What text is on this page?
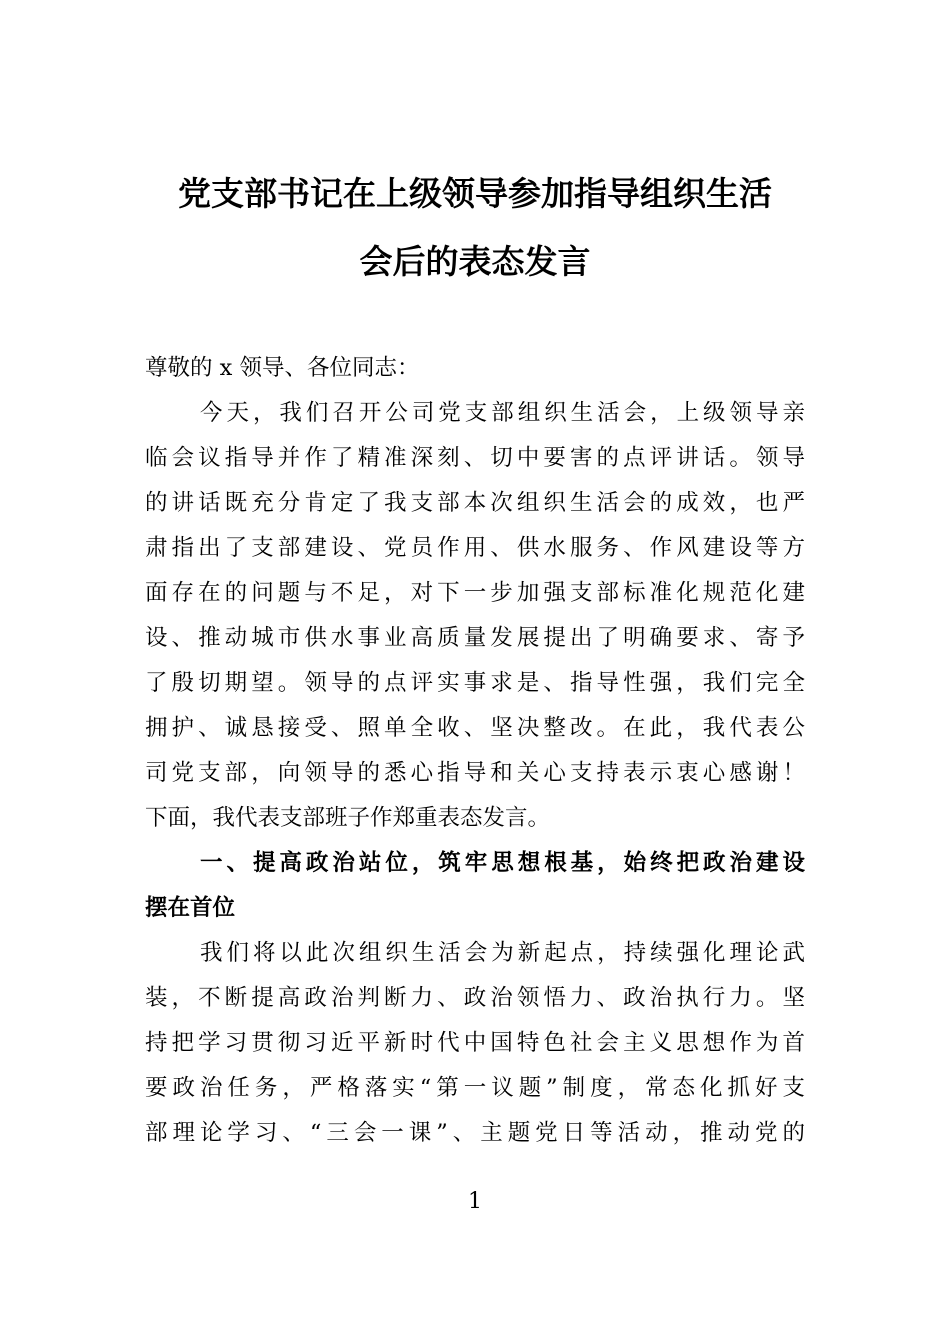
党支部书记在上级领导参加指导组织生活
会后的表态发言
尊敬的 x 领导、各位同志：
今天，我们召开公司党支部组织生活会，上级领导亲
临会议指导并作了精准深刻、切中要害的点评讲话。领导
的讲话既充分肯定了我支部本次组织生活会的成效，也严
肃指出了支部建设、党员作用、供水服务、作风建设等方
面存在的问题与不足，对下一步加强支部标准化规范化建
设、推动城市供水事业高质量发展提出了明确要求、寄予
了殷切期望。领导的点评实事求是、指导性强，我们完全
拥护、诚恳接受、照单全收、坚决整改。在此，我代表公
司党支部，向领导的悉心指导和关心支持表示衷心感谢！
下面，我代表支部班子作郑重表态发言。
一、提高政治站位，筑牢思想根基，始终把政治建设
摆在首位
我们将以此次组织生活会为新起点，持续强化理论武
装，不断提高政治判断力、政治领悟力、政治执行力。坚
持把学习贯彻习近平新时代中国特色社会主义思想作为首
要政治任务，严格落实“第一议题”制度，常态化抓好支
部理论学习、“三会一课”、主题党日等活动，推动党的
1
